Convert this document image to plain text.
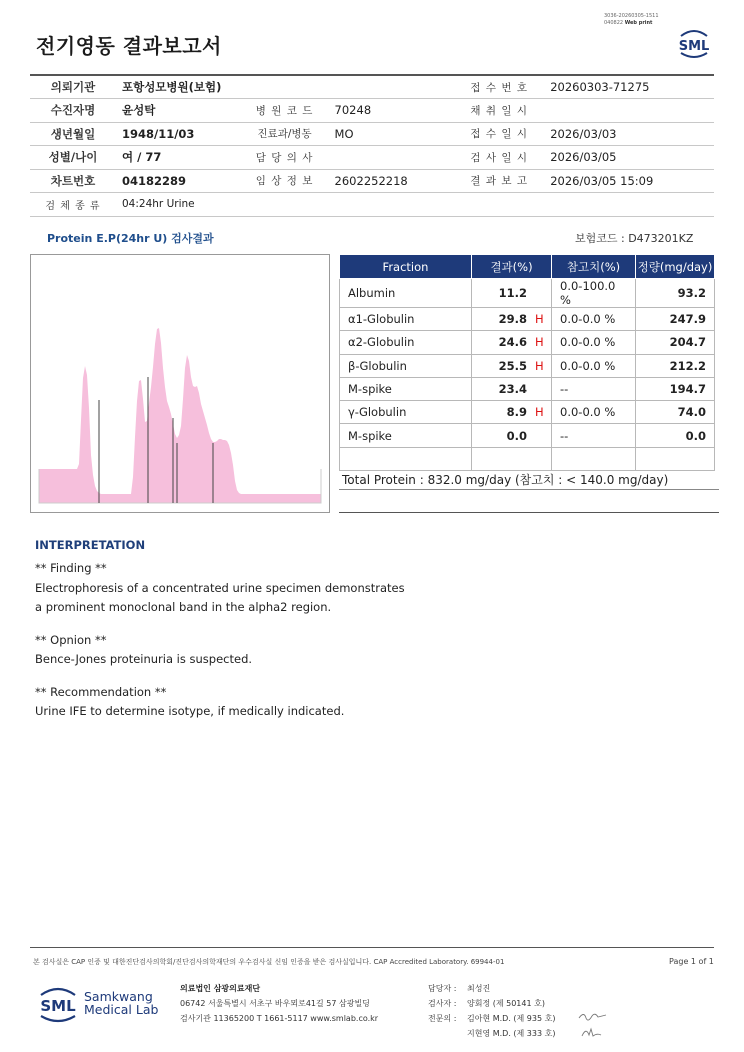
3036-20260305-1511
040822 Web print
전기영동 결과보고서	SML
의뢰기관	포항성모병원(보험)			접 수 번 호	20260303-71275
수진자명	윤성탁	병 원 코 드	70248	채 취 일 시	
생년월일	1948/11/03	진료과/병동	MO	접 수 일 시	2026/03/03
성별/나이	여 / 77	담 당 의 사		검 사 일 시	2026/03/05
차트번호	04182289	임 상 정 보	2602252218	결 과 보 고	2026/03/05 15:09
검 체 종 류	04:24hr Urine				
Protein E.P(24hr U) 검사결과	보험코드 : D473201KZ
Fraction	결과(%)	참고치(%)	정량(mg/day)
Albumin	11.2	0.0-100.0 %	93.2
α1-Globulin	29.8 H	0.0-0.0 %	247.9
α2-Globulin	24.6 H	0.0-0.0 %	204.7
β-Globulin	25.5 H	0.0-0.0 %	212.2
M-spike	23.4	--	194.7
γ-Globulin	8.9 H	0.0-0.0 %	74.0
M-spike	0.0	--	0.0

Total Protein : 832.0 mg/day (참고치 : < 140.0 mg/day)
INTERPRETATION
** Finding **
Electrophoresis of a concentrated urine specimen demonstrates
a prominent monoclonal band in the alpha2 region.
** Opnion **
Bence-Jones proteinuria is suspected.
** Recommendation **
Urine IFE to determine isotype, if medically indicated.
본 검사실은 CAP 인증 및 대한진단검사의학회/진단검사의학재단의 우수검사실 신임 인증을 받은 검사실입니다. CAP Accredited Laboratory. 69944-01	Page 1 of 1
SML
Samkwang
Medical Lab
의료법인 삼광의료재단
06742 서울특별시 서초구 바우뫼로41길 57 삼광빌딩
검사기관 11365200 T 1661-5117 www.smlab.co.kr
담당자 :	최성진
검사자 :	양회정 (제 50141 호)
전문의 :	김아현 M.D. (제 935 호)
지현영 M.D. (제 333 호)
